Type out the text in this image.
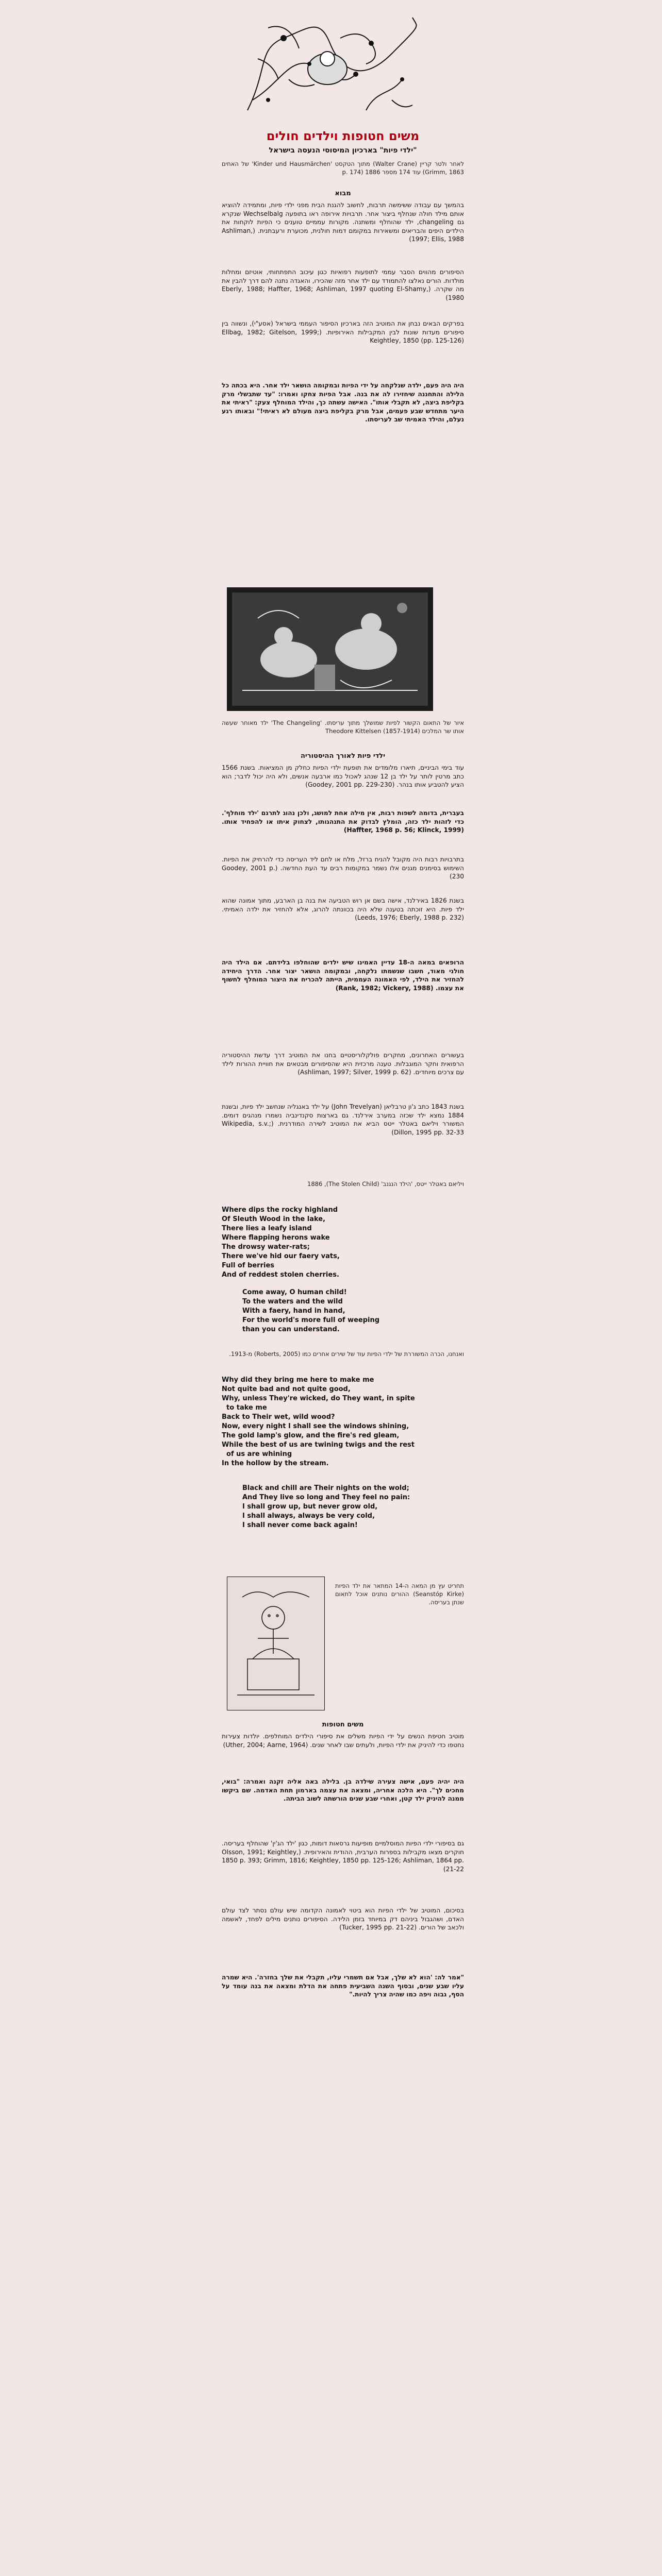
משים חטופות וילדים חולים
"ילדי פיות" בארכיון המיסוסי הנעסה בישראל
לאחר ולטר קריין (Walter Crane) מתוך הטקסט 'Kinder und Hausmärchen' של האחים Grimm, 1863) עוד 174 מספר 1886 (p. 174
מבוא
בהמשך עם עבודה ששימשה תרבות, לחשוב להגנת הבית מפני ילדי פיות, ומתמידה להוציא אותם מילד חולה שנחלף ביצור אחר. תרבויות אירופה ראו בתופעה Wechselbalg שנקרא גם changeling, ילד שהוחלף ומשתנה. מקורות עממיים טוענים כי הפיות לוקחות את הילדים היפים והבריאים ומשאירות במקומם דמות חולנית, מכוערת ורעבתנית. (Ashliman, 1997; Ellis, 1988)
הסיפורים מהווים הסבר עממי לתופעות רפואיות כגון עיכוב התפתחותי, אוטיזם ומחלות מולדות. הורים נאלצו להתמודד עם ילד אחר מזה שהכירו, והאגדה נתנה להם דרך להבין את מה שקרה. (Eberly, 1988; Haffter, 1968; Ashliman, 1997 quoting El-Shamy, 1980)
בפרקים הבאים נבחן את המוטיב הזה בארכיון הסיפור העממי בישראל (אסע"י), ונשווה בין סיפורים מעדות שונות לבין המקבילות האירופיות. (Ellbag, 1982; Gitelson, 1999; Keightley, 1850 (pp. 125-126)
היה היה פעם, ילדה שנלקחה על ידי הפיות ובמקומה הושאר ילד אחר. היא בכתה כל הלילה והתחננה שיחזירו לה את בנה. אבל הפיות צחקו ואמרו: "עד שתבשלי מרק בקליפת ביצה, לא תקבלי אותו". האישה עשתה כך, והילד המוחלף צעק: "ראיתי את היער מתחדש שבע פעמים, אבל מרק בקליפת ביצה מעולם לא ראיתי!" ובאותו רגע נעלם, והילד האמיתי שב לעריסתו.
איור של התאום הקשור לפיות שמושלך מתוך עריסתו. 'The Changeling' ילד מאוחר שעשה אותו שר המלכים (1857-1914) Theodore Kittelsen
ילדי פיות לאורך ההיסטוריה
עוד בימי הביניים, תיארו מלומדים את תופעת ילדי הפיות כחלק מן המציאות. בשנת 1566 כתב מרטין לותר על ילד בן 12 שנהג לאכול כמו ארבעה אנשים, ולא היה יכול לדבר; הוא הציע להטביע אותו בנהר. (Goodey, 2001 pp. 229-230)
בעברית, בדומה לשפות רבות, אין מילה אחת למושג, ולכן נהוג לתרגם 'ילד מוחלף'. כדי לזהות ילד כזה, הומלץ לבדוק את התנהגותו, לצחוק איתו או להפחיד אותו. (Haffter, 1968 p. 56; Klinck, 1999)
בתרבויות רבות היה מקובל להניח ברזל, מלח או לחם ליד העריסה כדי להרחיק את הפיות. השימוש בסימנים מגנים אלו נשמר במקומות רבים עד העת החדשה. (Goodey, 2001 p. 230)
בשנת 1826 באירלנד, אישה בשם אן רוש הטביעה את בנה בן הארבע, מתוך אמונה שהוא ילד פיות. היא זוכתה בטענה שלא היה בכוונתה להרוג, אלא להחזיר את ילדה האמיתי. (Leeds, 1976; Eberly, 1988 p. 232)
הרופאים במאה ה-18 עדיין האמינו שיש ילדים שהוחלפו בלידתם. אם הילד היה חולני מאוד, חשבו שנשמתו נלקחה, ובמקומה הושאר יצור אחר. הדרך היחידה להחזיר את הילד, לפי האמונה העממית, הייתה להכריח את היצור המוחלף לחשוף את עצמו. (Rank, 1982; Vickery, 1988)
בעשורים האחרונים, מחקרים פולקלוריסטיים בחנו את המוטיב דרך עדשת ההיסטוריה הרפואית וחקר המוגבלות. טענה מרכזית היא שהסיפורים מבטאים את חוויית ההורות לילד עם צרכים מיוחדים. (Ashliman, 1997; Silver, 1999 p. 62)
בשנת 1843 כתב ג'ון טרבליאן (John Trevelyan) על ילד באנגליה שנחשב ילד פיות, ובשנת 1884 נמצא ילד שכזה במערב אירלנד. גם בארצות סקנדינביה נשמרו מנהגים דומים. המשורר ויליאם באטלר ייטס הביא את המוטיב לשירה המודרנית. (Wikipedia, s.v.; Dillon, 1995 pp. 32-33)
ויליאם באטלר ייטס, 'הילד הנגנב' (The Stolen Child), 1886
Where dips the rocky highland
Of Sleuth Wood in the lake,
There lies a leafy island
Where flapping herons wake
The drowsy water-rats;
There we've hid our faery vats,
Full of berries
And of reddest stolen cherries.
Come away, O human child!
To the waters and the wild
With a faery, hand in hand,
For the world's more full of weeping
than you can understand.
ואנחנו, הכרה המשוררת של ילדי הפיות עוד של שירים אחרים כמו (Roberts, 2005) מ-1913.
Why did they bring me here to make me
Not quite bad and not quite good,
Why, unless They're wicked, do They want, in spite
to take me
Back to Their wet, wild wood?
Now, every night I shall see the windows shining,
The gold lamp's glow, and the fire's red gleam,
While the best of us are twining twigs and the rest
of us are whining
In the hollow by the stream.
Black and chill are Their nights on the wold;
And They live so long and They feel no pain:
I shall grow up, but never grow old,
I shall always, always be very cold,
I shall never come back again!
תחריט עץ מן המאה ה-14 המתאר את ילד הפיות (Seanstóp Kirke) ההורים נותנים אוכל לתאום שנתן בעריסה.
משים חטופות
מוטיב חטיפת הנשים על ידי הפיות משלים את סיפורי הילדים המוחלפים. יולדות צעירות נחטפו כדי להיניק את ילדי הפיות, ולעתים שבו לאחר שנים. (Uther, 2004; Aarne, 1964)
היה יהיה פעם, אישה צעירה שילדה בן. בלילה באה אליה זקנה ואמרה: "בואי, מחכים לך". היא הלכה אחריה, ומצאה את עצמה בארמון תחת האדמה. שם ביקשו ממנה להיניק ילד קטן, ואחרי שבע שנים הורשתה לשוב הביתה.
גם בסיפורי ילדי הפיות המוסלמיים מופיעות גרסאות דומות, כגון 'ילד הג'ין' שהוחלף בעריסה. חוקרים מצאו מקבילות בספרות הערבית, ההודית והאירופית. (Olsson, 1991; Keightley, 1850 p. 393; Grimm, 1816; Keightley, 1850 pp. 125-126; Ashliman, 1864 pp. 21-22)
בסיכום, המוטיב של ילדי הפיות הוא ביטוי לאמונה הקדומה שיש עולם נסתר לצד עולם האדם, ושהגבול ביניהם דק במיוחד בזמן הלידה. הסיפורים נותנים מילים לפחד, לאשמה ולכאב של הורים. (Tucker, 1995 pp. 21-22)
"אמר לה: 'הוא לא שלך, אבל אם תשמרי עליו, תקבלי את שלך בחזרה'. היא שמרה עליו שבע שנים, ובסוף השנה השביעית פתחה את הדלת ומצאה את בנה עומד על הסף, גבוה ויפה כמו שהיה צריך להיות."
